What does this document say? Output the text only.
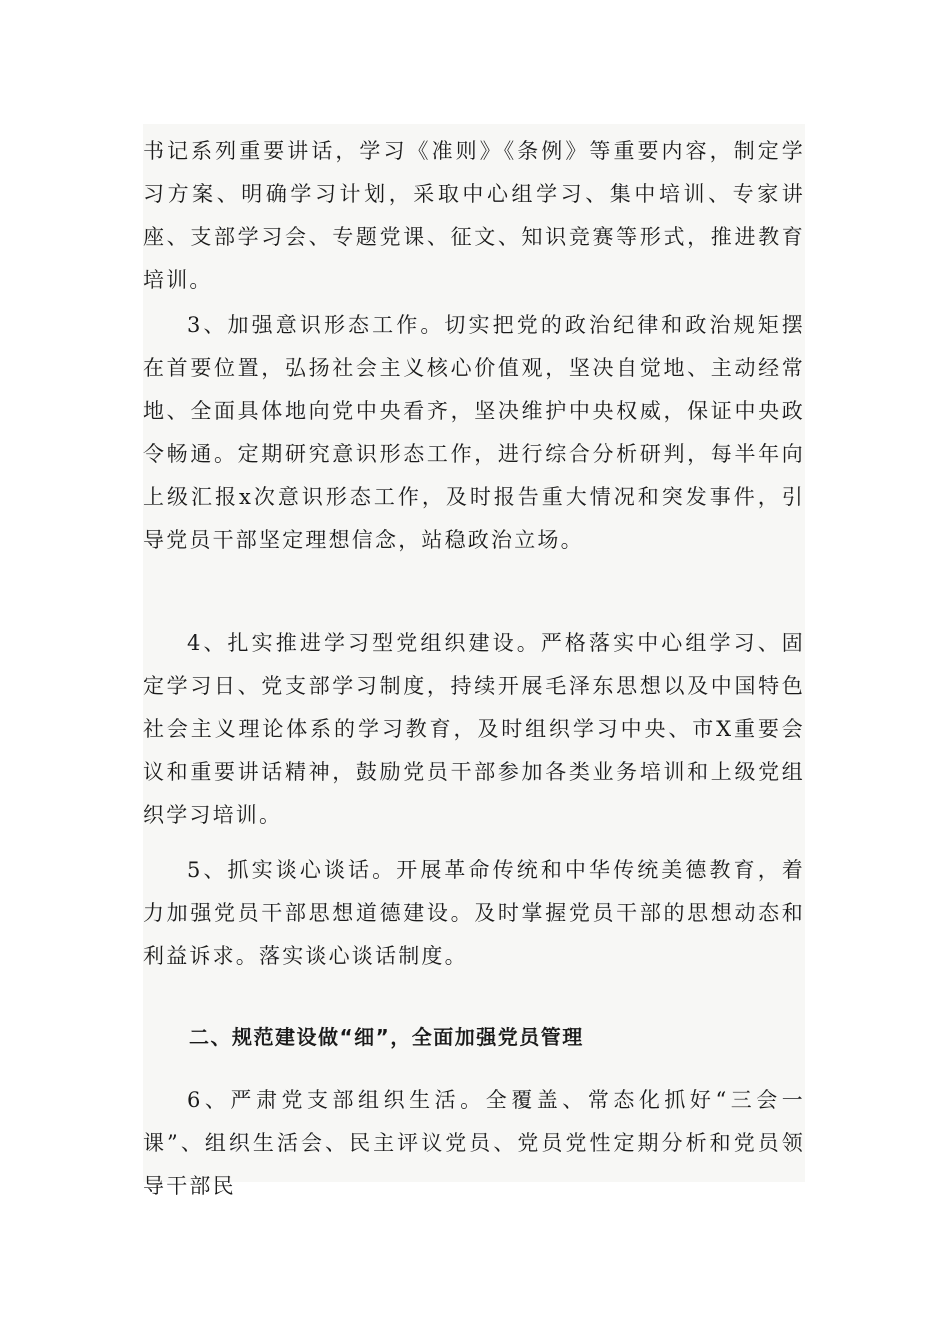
书记系列重要讲话，学习《准则》《条例》等重要内容，制定学习方案、明确学习计划，采取中心组学习、集中培训、专家讲座、支部学习会、专题党课、征文、知识竞赛等形式，推进教育培训。

3、加强意识形态工作。切实把党的政治纪律和政治规矩摆在首要位置，弘扬社会主义核心价值观，坚决自觉地、主动经常地、全面具体地向党中央看齐，坚决维护中央权威，保证中央政令畅通。定期研究意识形态工作，进行综合分析研判，每半年向上级汇报x次意识形态工作，及时报告重大情况和突发事件，引导党员干部坚定理想信念，站稳政治立场。

4、扎实推进学习型党组织建设。严格落实中心组学习、固定学习日、党支部学习制度，持续开展毛泽东思想以及中国特色社会主义理论体系的学习教育，及时组织学习中央、市X重要会议和重要讲话精神，鼓励党员干部参加各类业务培训和上级党组织学习培训。

5、抓实谈心谈话。开展革命传统和中华传统美德教育，着力加强党员干部思想道德建设。及时掌握党员干部的思想动态和利益诉求。落实谈心谈话制度。

二、规范建设做“细”，全面加强党员管理

6、严肃党支部组织生活。全覆盖、常态化抓好“三会一课”、组织生活会、民主评议党员、党员党性定期分析和党员领导干部民
